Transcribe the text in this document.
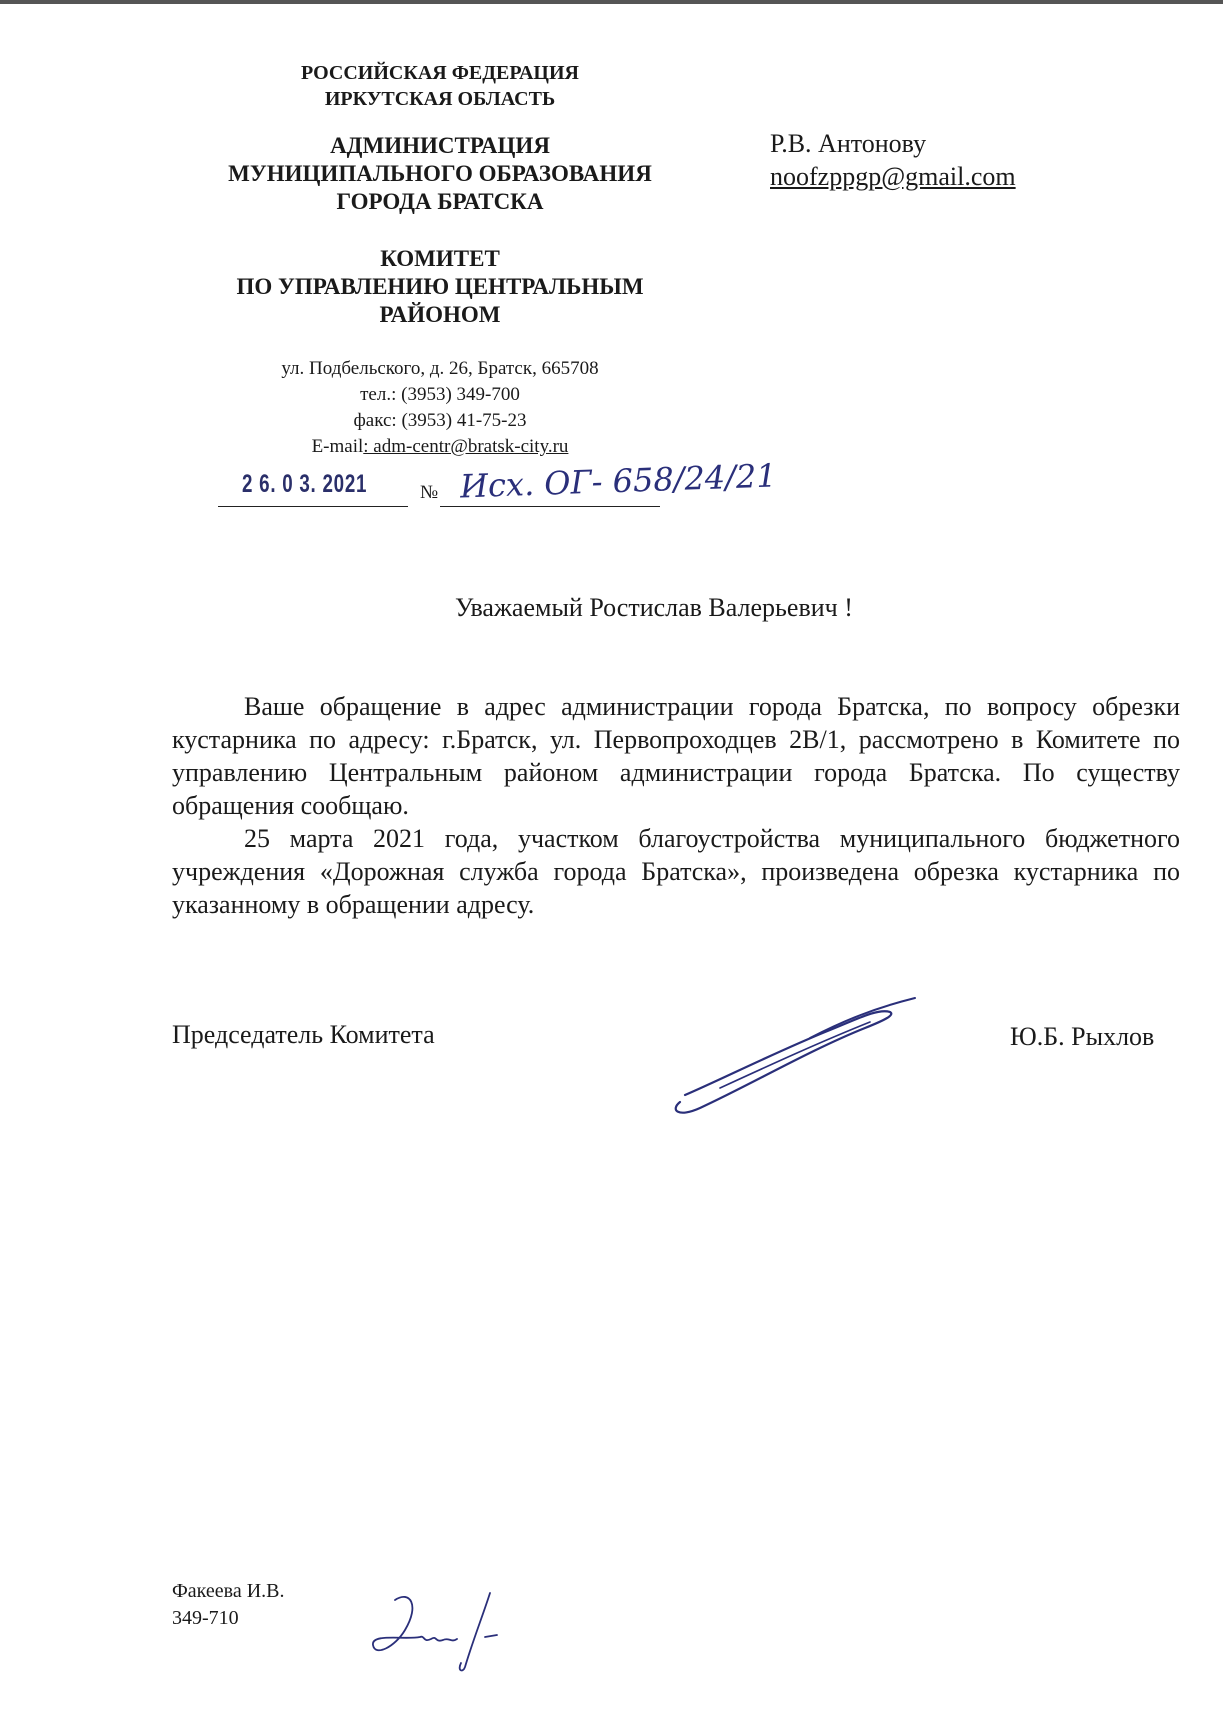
РОССИЙСКАЯ ФЕДЕРАЦИЯ
ИРКУТСКАЯ ОБЛАСТЬ
АДМИНИСТРАЦИЯ
МУНИЦИПАЛЬНОГО ОБРАЗОВАНИЯ
ГОРОДА БРАТСКА
КОМИТЕТ
ПО УПРАВЛЕНИЮ ЦЕНТРАЛЬНЫМ
РАЙОНОМ
ул. Подбельского, д. 26, Братск, 665708
тел.: (3953) 349-700
факс: (3953) 41-75-23
E-mail: adm-centr@bratsk-city.ru
2 6. 0 3. 2021	№ Исх. ОГ- 658/24/21
Р.В. Антонову
noofzppgp@gmail.com
Уважаемый Ростислав Валерьевич !

Ваше обращение в адрес администрации города Братска, по вопросу обрезки кустарника по адресу: г.Братск, ул. Первопроходцев 2В/1, рассмотрено в Комитете по управлению Центральным районом администрации города Братска. По существу обращения сообщаю.

25 марта 2021 года, участком благоустройства муниципального бюджетного учреждения «Дорожная служба города Братска», произведена обрезка кустарника по указанному в обращении адресу.

Председатель Комитета	Ю.Б. Рыхлов
Факеева И.В.
349-710
